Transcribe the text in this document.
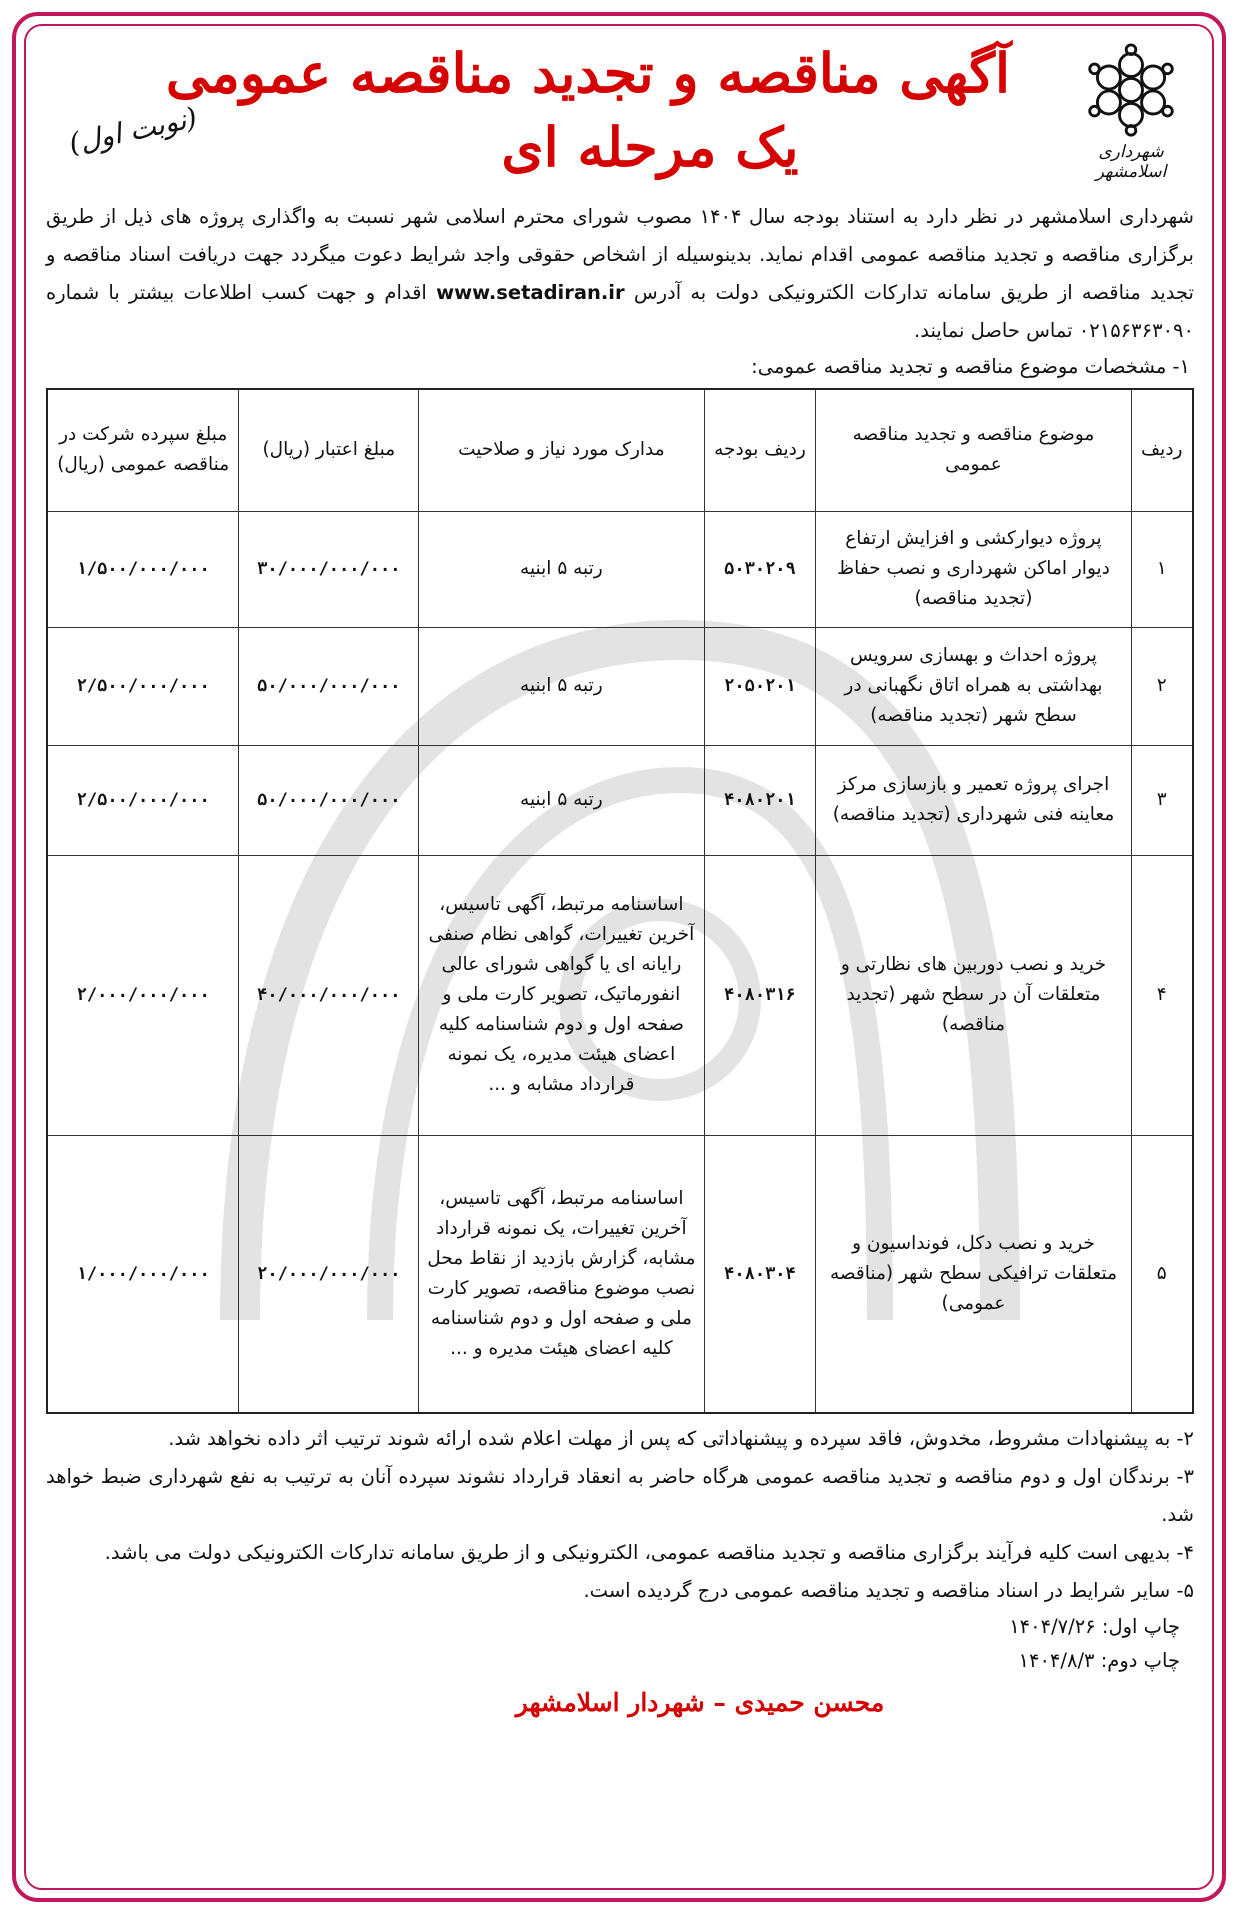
شهرداری اسلامشهر
آگهی مناقصه و تجدید مناقصه عمومی
یک مرحله ای
(نوبت اول)
شهرداری اسلامشهر در نظر دارد به استناد بودجه سال ۱۴۰۴ مصوب شورای محترم اسلامی شهر نسبت به واگذاری پروژه های ذیل از طریق برگزاری مناقصه و تجدید مناقصه عمومی اقدام نماید. بدینوسیله از اشخاص حقوقی واجد شرایط دعوت میگردد جهت دریافت اسناد مناقصه و تجدید مناقصه از طریق سامانه تدارکات الکترونیکی دولت به آدرس www.setadiran.ir اقدام و جهت کسب اطلاعات بیشتر با شماره ۰۲۱۵۶۳۶۳۰۹۰ تماس حاصل نمایند.
۱- مشخصات موضوع مناقصه و تجدید مناقصه عمومی:
ردیف	موضوع مناقصه و تجدید مناقصه عمومی	ردیف بودجه	مدارک مورد نیاز و صلاحیت	مبلغ اعتبار (ریال)	مبلغ سپرده شرکت در مناقصه عمومی (ریال)
۱	پروژه دیوارکشی و افزایش ارتفاع دیوار اماکن شهرداری و نصب حفاظ (تجدید مناقصه)	۵۰۳۰۲۰۹	رتبه ۵ ابنیه	۳۰/۰۰۰/۰۰۰/۰۰۰	۱/۵۰۰/۰۰۰/۰۰۰
۲	پروژه احداث و بهسازی سرویس بهداشتی به همراه اتاق نگهبانی در سطح شهر (تجدید مناقصه)	۲۰۵۰۲۰۱	رتبه ۵ ابنیه	۵۰/۰۰۰/۰۰۰/۰۰۰	۲/۵۰۰/۰۰۰/۰۰۰
۳	اجرای پروژه تعمیر و بازسازی مرکز معاینه فنی شهرداری (تجدید مناقصه)	۴۰۸۰۲۰۱	رتبه ۵ ابنیه	۵۰/۰۰۰/۰۰۰/۰۰۰	۲/۵۰۰/۰۰۰/۰۰۰
۴	خرید و نصب دوربین های نظارتی و متعلقات آن در سطح شهر (تجدید مناقصه)	۴۰۸۰۳۱۶	اساسنامه مرتبط، آگهی تاسیس، آخرین تغییرات، گواهی نظام صنفی رایانه ای یا گواهی شورای عالی انفورماتیک، تصویر کارت ملی و صفحه اول و دوم شناسنامه کلیه اعضای هیئت مدیره، یک نمونه قرارداد مشابه و ...	۴۰/۰۰۰/۰۰۰/۰۰۰	۲/۰۰۰/۰۰۰/۰۰۰
۵	خرید و نصب دکل، فونداسیون و متعلقات ترافیکی سطح شهر (مناقصه عمومی)	۴۰۸۰۳۰۴	اساسنامه مرتبط، آگهی تاسیس، آخرین تغییرات، یک نمونه قرارداد مشابه، گزارش بازدید از نقاط محل نصب موضوع مناقصه، تصویر کارت ملی و صفحه اول و دوم شناسنامه کلیه اعضای هیئت مدیره و ...	۲۰/۰۰۰/۰۰۰/۰۰۰	۱/۰۰۰/۰۰۰/۰۰۰

۲- به پیشنهادات مشروط، مخدوش، فاقد سپرده و پیشنهاداتی که پس از مهلت اعلام شده ارائه شوند ترتیب اثر داده نخواهد شد.

۳- برندگان اول و دوم مناقصه و تجدید مناقصه عمومی هرگاه حاضر به انعقاد قرارداد نشوند سپرده آنان به ترتیب به نفع شهرداری ضبط خواهد شد.

۴- بدیهی است کلیه فرآیند برگزاری مناقصه و تجدید مناقصه عمومی، الکترونیکی و از طریق سامانه تدارکات الکترونیکی دولت می باشد.

۵- سایر شرایط در اسناد مناقصه و تجدید مناقصه عمومی درج گردیده است.

چاپ اول: ۱۴۰۴/۷/۲۶
چاپ دوم: ۱۴۰۴/۸/۳
محسن حمیدی – شهردار اسلامشهر
